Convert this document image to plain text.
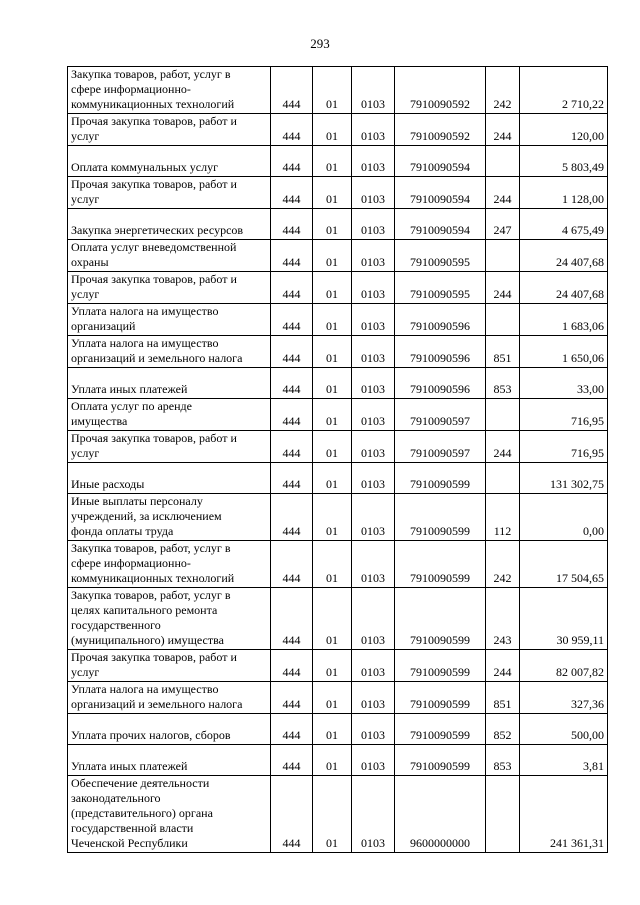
293
Закупка товаров, работ, услуг в
сфере информационно-
коммуникационных технологий	444	01	0103	7910090592	242	2 710,22

Прочая закупка товаров, работ и
услуг	444	01	0103	7910090592	244	120,00

Оплата коммунальных услуг	444	01	0103	7910090594		5 803,49

Прочая закупка товаров, работ и
услуг	444	01	0103	7910090594	244	1 128,00

Закупка энергетических ресурсов	444	01	0103	7910090594	247	4 675,49

Оплата услуг вневедомственной
охраны	444	01	0103	7910090595		24 407,68

Прочая закупка товаров, работ и
услуг	444	01	0103	7910090595	244	24 407,68

Уплата налога на имущество
организаций	444	01	0103	7910090596		1 683,06

Уплата налога на имущество
организаций и земельного налога	444	01	0103	7910090596	851	1 650,06

Уплата иных платежей	444	01	0103	7910090596	853	33,00

Оплата услуг по аренде
имущества	444	01	0103	7910090597		716,95

Прочая закупка товаров, работ и
услуг	444	01	0103	7910090597	244	716,95

Иные расходы	444	01	0103	7910090599		131 302,75

Иные выплаты персоналу
учреждений, за исключением
фонда оплаты труда	444	01	0103	7910090599	112	0,00

Закупка товаров, работ, услуг в
сфере информационно-
коммуникационных технологий	444	01	0103	7910090599	242	17 504,65

Закупка товаров, работ, услуг в
целях капитального ремонта
государственного
(муниципального) имущества	444	01	0103	7910090599	243	30 959,11

Прочая закупка товаров, работ и
услуг	444	01	0103	7910090599	244	82 007,82

Уплата налога на имущество
организаций и земельного налога	444	01	0103	7910090599	851	327,36

Уплата прочих налогов, сборов	444	01	0103	7910090599	852	500,00

Уплата иных платежей	444	01	0103	7910090599	853	3,81

Обеспечение деятельности
законодательного
(представительного) органа
государственной власти
Чеченской Республики	444	01	0103	9600000000		241 361,31
